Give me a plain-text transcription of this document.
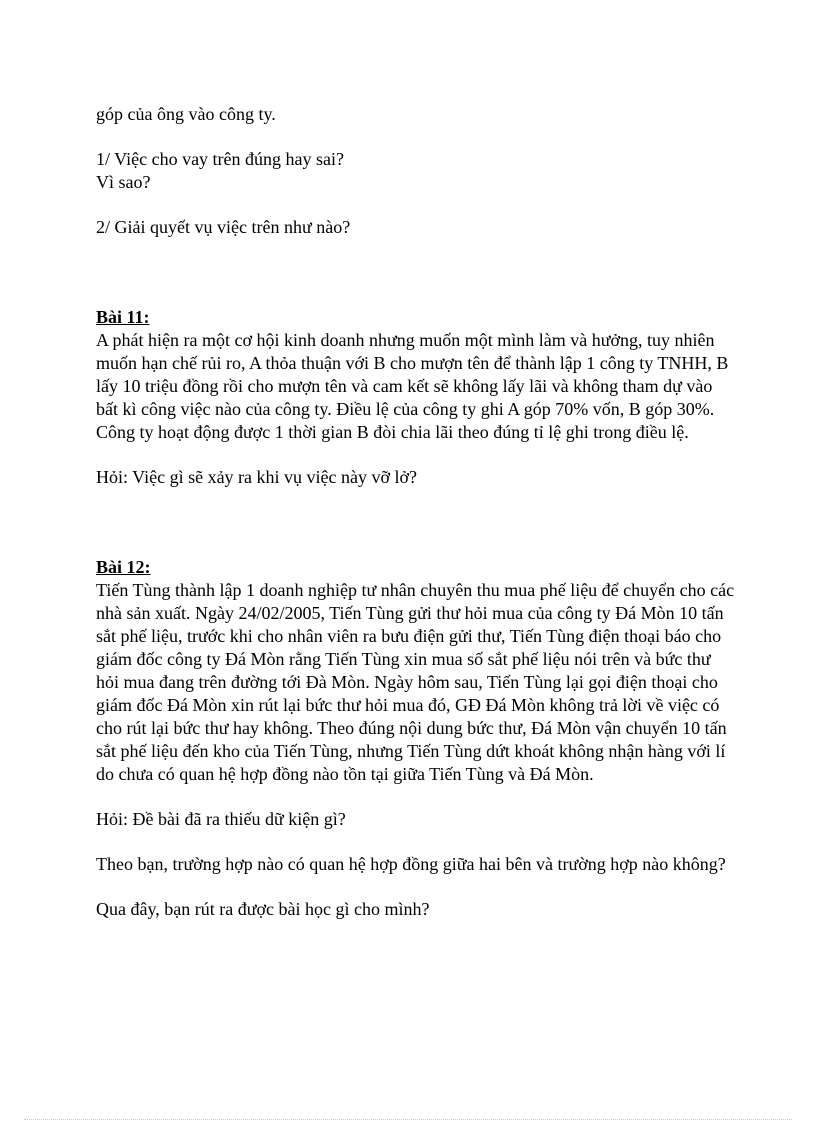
góp của ông vào công ty.

1/ Việc cho vay trên đúng hay sai?

Vì sao?

2/ Giải quyết vụ việc trên như nào?

Bài 11:

A phát hiện ra một cơ hội kinh doanh nhưng muốn một mình làm và hưởng, tuy nhiên muốn hạn chế rủi ro, A thỏa thuận với B cho mượn tên để thành lập 1 công ty TNHH, B lấy 10 triệu đồng rồi cho mượn tên và cam kết sẽ không lấy lãi và không tham dự vào bất kì công việc nào của công ty. Điều lệ của công ty ghi A góp 70% vốn, B góp 30%. Công ty hoạt động được 1 thời gian B đòi chia lãi theo đúng tỉ lệ ghi trong điều lệ.

Hỏi: Việc gì sẽ xảy ra khi vụ việc này vỡ lở?

Bài 12:

Tiến Tùng thành lập 1 doanh nghiệp tư nhân chuyên thu mua phế liệu để chuyển cho các nhà sản xuất. Ngày 24/02/2005, Tiến Tùng gửi thư hỏi mua của công ty Đá Mòn 10 tấn sắt phế liệu, trước khi cho nhân viên ra bưu điện gửi thư, Tiến Tùng điện thoại báo cho giám đốc công ty Đá Mòn rằng Tiến Tùng xin mua số sắt phế liệu nói trên và bức thư hỏi mua đang trên đường tới Đà Mòn. Ngày hôm sau, Tiến Tùng lại gọi điện thoại cho giám đốc Đá Mòn xin rút lại bức thư hỏi mua đó, GĐ Đá Mòn không trả lời về việc có cho rút lại bức thư hay không. Theo đúng nội dung bức thư, Đá Mòn vận chuyển 10 tấn sắt phế liệu đến kho của Tiến Tùng, nhưng Tiến Tùng dứt khoát không nhận hàng với lí do chưa có quan hệ hợp đồng nào tồn tại giữa Tiến Tùng và Đá Mòn.

Hỏi: Đề bài đã ra thiếu dữ kiện gì?

Theo bạn, trường hợp nào có quan hệ hợp đồng giữa hai bên và trường hợp nào không?

Qua đây, bạn rút ra được bài học gì cho mình?
